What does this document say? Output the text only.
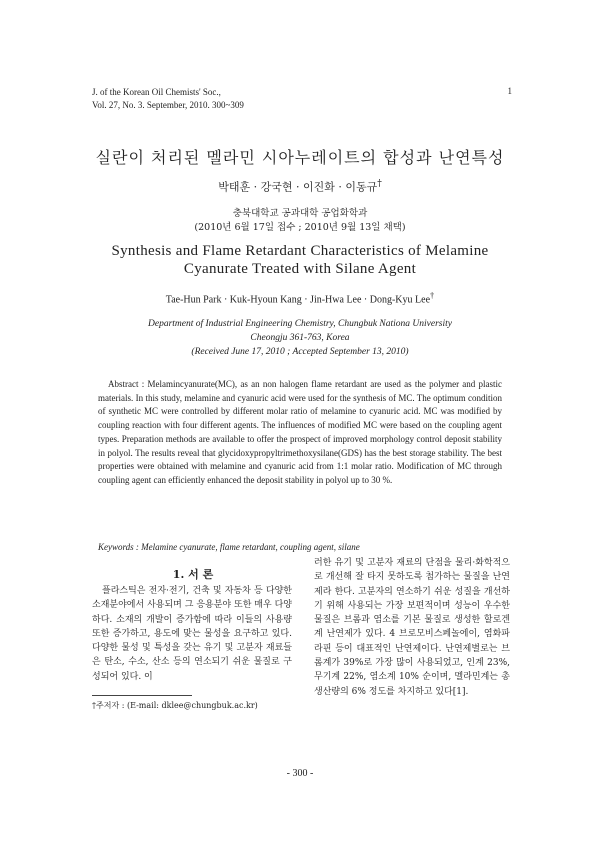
J. of the Korean Oil Chemists' Soc.,
Vol. 27, No. 3. September, 2010. 300~309
1
실란이 처리된 멜라민 시아누레이트의 합성과 난연특성
박태훈 · 강국현 · 이진화 · 이동규†
충북대학교 공과대학 공업화학과
(2010년 6월 17일 접수 ; 2010년 9월 13일 채택)
Synthesis and Flame Retardant Characteristics of Melamine
Cyanurate Treated with Silane Agent
Tae-Hun Park · Kuk-Hyoun Kang · Jin-Hwa Lee · Dong-Kyu Lee†
Department of Industrial Engineering Chemistry, Chungbuk Nationa University
Cheongju 361-763, Korea
(Received June 17, 2010 ; Accepted September 13, 2010)
Abstract : Melamincyanurate(MC), as an non halogen flame retardant are used as the polymer and plastic materials. In this study, melamine and cyanuric acid were used for the synthesis of MC. The optimum condition of synthetic MC were controlled by different molar ratio of melamine to cyanuric acid. MC was modified by coupling reaction with four different agents. The influences of modified MC were based on the coupling agent types. Preparation methods are available to offer the prospect of improved morphology control deposit stability in polyol. The results reveal that glycidoxypropyltrimethoxysilane(GDS) has the best storage stability. The best properties were obtained with melamine and cyanuric acid from 1:1 molar ratio. Modification of MC through coupling agent can efficiently enhanced the deposit stability in polyol up to 30 %.
Keywords : Melamine cyanurate, flame retardant, coupling agent, silane
1. 서 론
플라스틱은 전자·전기, 건축 및 자동차 등 다양한 소재분야에서 사용되며 그 응용분야 또한 매우 다양하다. 소재의 개발이 증가함에 따라 이들의 사용량 또한 증가하고, 용도에 맞는 물성을 요구하고 있다. 다양한 물성 및 특성을 갖는 유기 및 고분자 재료들은 탄소, 수소, 산소 등의 연소되기 쉬운 물질로 구성되어 있다. 이
러한 유기 및 고분자 재료의 단점을 물리·화학적으로 개선해 잘 타지 못하도록 첨가하는 물질을 난연제라 한다. 고분자의 연소하기 쉬운 성질을 개선하기 위해 사용되는 가장 보편적이며 성능이 우수한 물질은 브롬과 염소를 기본 물질로 생성한 할로겐계 난연제가 있다. 4 브로모비스페놀에이, 염화파라핀 등이 대표적인 난연제이다. 난연제별로는 브롬계가 39%로 가장 많이 사용되었고, 인계 23%, 무기계 22%, 염소계 10% 순이며, 멜라민계는 총 생산량의 6% 정도를 차지하고 있다[1].
†주저자 : (E-mail: dklee@chungbuk.ac.kr)
- 300 -
